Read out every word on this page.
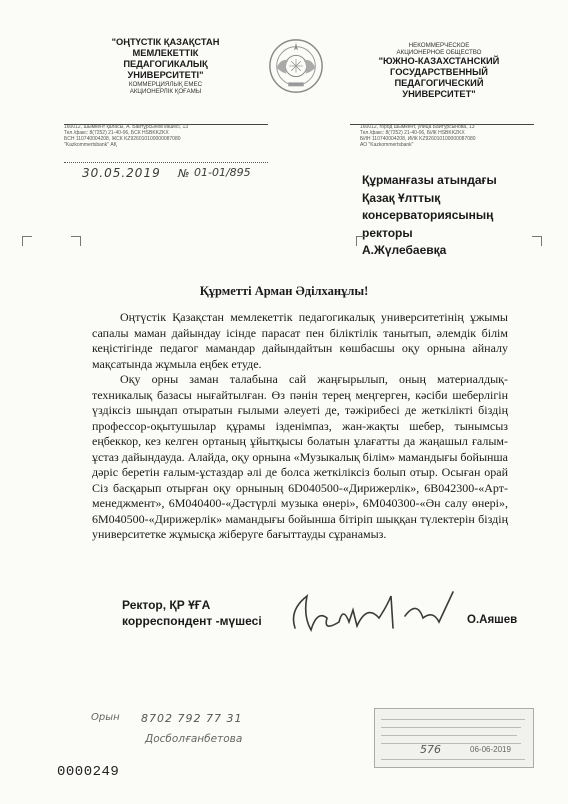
"ОҢТҮСТІК ҚАЗАҚСТАН
МЕМЛЕКЕТТІК
ПЕДАГОГИКАЛЫҚ
УНИВЕРСИТЕТІ"
КОММЕРЦИЯЛЫҚ ЕМЕС
АКЦИОНЕРЛІК ҚОҒАМЫ
НЕКОММЕРЧЕСКОЕ
АКЦИОНЕРНОЕ ОБЩЕСТВО
"ЮЖНО-КАЗАХСТАНСКИЙ
ГОСУДАРСТВЕННЫЙ
ПЕДАГОГИЧЕСКИЙ
УНИВЕРСИТЕТ"
160012, Шымкент қаласы, А. Байтұрсынов көшесі, 13
Тел./факс: 8(7252) 21-40-06, БСК HSBKKZKX
БСН 110740004208, ЖСК KZ926010100000087080
"Kazkommertsbank" АҚ
160012, город Шымкент, улица Байтурсынова, 13
Тел./факс: 8(7252) 21-40-06, БИК HSBKKZKX
БИН 110740004208, ИИК KZ926010100000087080
АО "Kazkommertsbank"
30.05.2019 № 01-01/895
Құрманғазы атындағы
Қазақ Ұлттық
консерваториясының
ректоры
А.Жүлебаевқа
Құрметті Арман Әділханұлы!

Оңтүстік Қазақстан мемлекеттік педагогикалық университетінің ұжымы сапалы маман дайындау ісінде парасат пен біліктілік танытып, әлемдік білім кеңістігінде педагог мамандар дайындайтын көшбасшы оқу орнына айналу мақсатында жұмыла еңбек етуде.

Оқу орны заман талабына сай жаңғырылып, оның материалдық-техникалық базасы нығайтылған. Өз пәнін терең меңгерген, кәсіби шеберлігін үздіксіз шыңдап отыратын ғылыми әлеуеті де, тәжірибесі де жеткілікті біздің профессор-оқытушылар құрамы ізденімпаз, жан-жақты шебер, тынымсыз еңбеккор, кез келген ортаның ұйытқысы болатын ұлағатты да жаңашыл ғалым- ұстаз дайындауда. Алайда, оқу орнына «Музыкалық білім» мамандығы бойынша дәріс беретін ғалым-ұстаздар әлі де болса жеткіліксіз болып отыр. Осыған орай Сіз басқарып отырған оқу орнының 6D040500-«Дирижерлік», 6B042300-«Арт-менеджмент», 6M040400-«Дәстүрлі музыка өнері», 6M040300-«Ән салу өнері», 6M040500-«Дирижерлік» мамандығы бойынша бітіріп шыққан түлектерін біздің университетке жұмысқа жіберуге бағыттауды сұранамыз.

Ректор, ҚР ҰҒА
корреспондент -мүшесі	О.Аяшев
Орын 8702 792 77 31
Досболғанбетова
0000249
576	06-06-2019
